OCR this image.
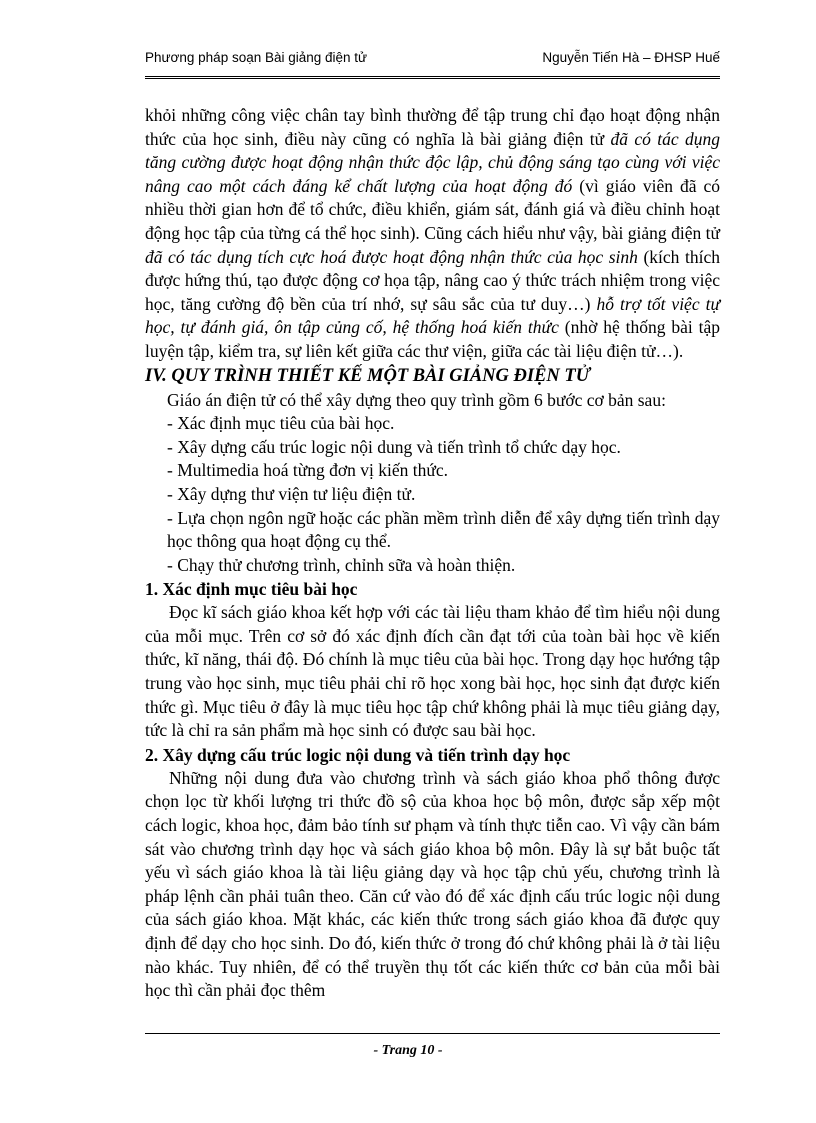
Phương pháp soạn Bài giảng điện tử	Nguyễn Tiến Hà – ĐHSP Huế

khỏi những công việc chân tay bình thường để tập trung chỉ đạo hoạt động nhận thức của học sinh, điều này cũng có nghĩa là bài giảng điện tử đã có tác dụng tăng cường được hoạt động nhận thức độc lập, chủ động sáng tạo cùng với việc nâng cao một cách đáng kể chất lượng của hoạt động đó (vì giáo viên đã có nhiều thời gian hơn để tổ chức, điều khiển, giám sát, đánh giá và điều chỉnh hoạt động học tập của từng cá thể học sinh). Cũng cách hiểu như vậy, bài giảng điện tử đã có tác dụng tích cực hoá được hoạt động nhận thức của học sinh (kích thích được hứng thú, tạo được động cơ họa tập, nâng cao ý thức trách nhiệm trong việc học, tăng cường độ bền của trí nhớ, sự sâu sắc của tư duy…) hỗ trợ tốt việc tự học, tự đánh giá, ôn tập củng cố, hệ thống hoá kiến thức (nhờ hệ thống bài tập luyện tập, kiểm tra, sự liên kết giữa các thư viện, giữa các tài liệu điện tử…).

IV. QUY TRÌNH THIẾT KẾ MỘT BÀI GIẢNG ĐIỆN TỬ

Giáo án điện tử có thể xây dựng theo quy trình gồm 6 bước cơ bản sau:

- Xác định mục tiêu của bài học.

- Xây dựng cấu trúc logic nội dung và tiến trình tổ chức dạy học.

- Multimedia hoá từng đơn vị kiến thức.

- Xây dựng thư viện tư liệu điện tử.

- Lựa chọn ngôn ngữ hoặc các phần mềm trình diễn để xây dựng tiến trình dạy học thông qua hoạt động cụ thể.

- Chạy thử chương trình, chỉnh sữa và hoàn thiện.

1. Xác định mục tiêu bài học

Đọc kĩ sách giáo khoa kết hợp với các tài liệu tham khảo để tìm hiểu nội dung của mỗi mục. Trên cơ sở đó xác định đích cần đạt tới của toàn bài học về kiến thức, kĩ năng, thái độ. Đó chính là mục tiêu của bài học. Trong dạy học hướng tập trung vào học sinh, mục tiêu phải chỉ rõ học xong bài học, học sinh đạt được kiến thức gì. Mục tiêu ở đây là mục tiêu học tập chứ không phải là mục tiêu giảng dạy, tức là chỉ ra sản phẩm mà học sinh có được sau bài học.

2. Xây dựng cấu trúc logic nội dung và tiến trình dạy học

Những nội dung đưa vào chương trình và sách giáo khoa phổ thông được chọn lọc từ khối lượng tri thức đồ sộ của khoa học bộ môn, được sắp xếp một cách logic, khoa học, đảm bảo tính sư phạm và tính thực tiễn cao. Vì vậy cần bám sát vào chương trình dạy học và sách giáo khoa bộ môn. Đây là sự bắt buộc tất yếu vì sách giáo khoa là tài liệu giảng dạy và học tập chủ yếu, chương trình là pháp lệnh cần phải tuân theo. Căn cứ vào đó để xác định cấu trúc logic nội dung của sách giáo khoa. Mặt khác, các kiến thức trong sách giáo khoa đã được quy định để dạy cho học sinh. Do đó, kiến thức ở trong đó chứ không phải là ở tài liệu nào khác. Tuy nhiên, để có thể truyền thụ tốt các kiến thức cơ bản của mỗi bài học thì cần phải đọc thêm

- Trang 10 -
